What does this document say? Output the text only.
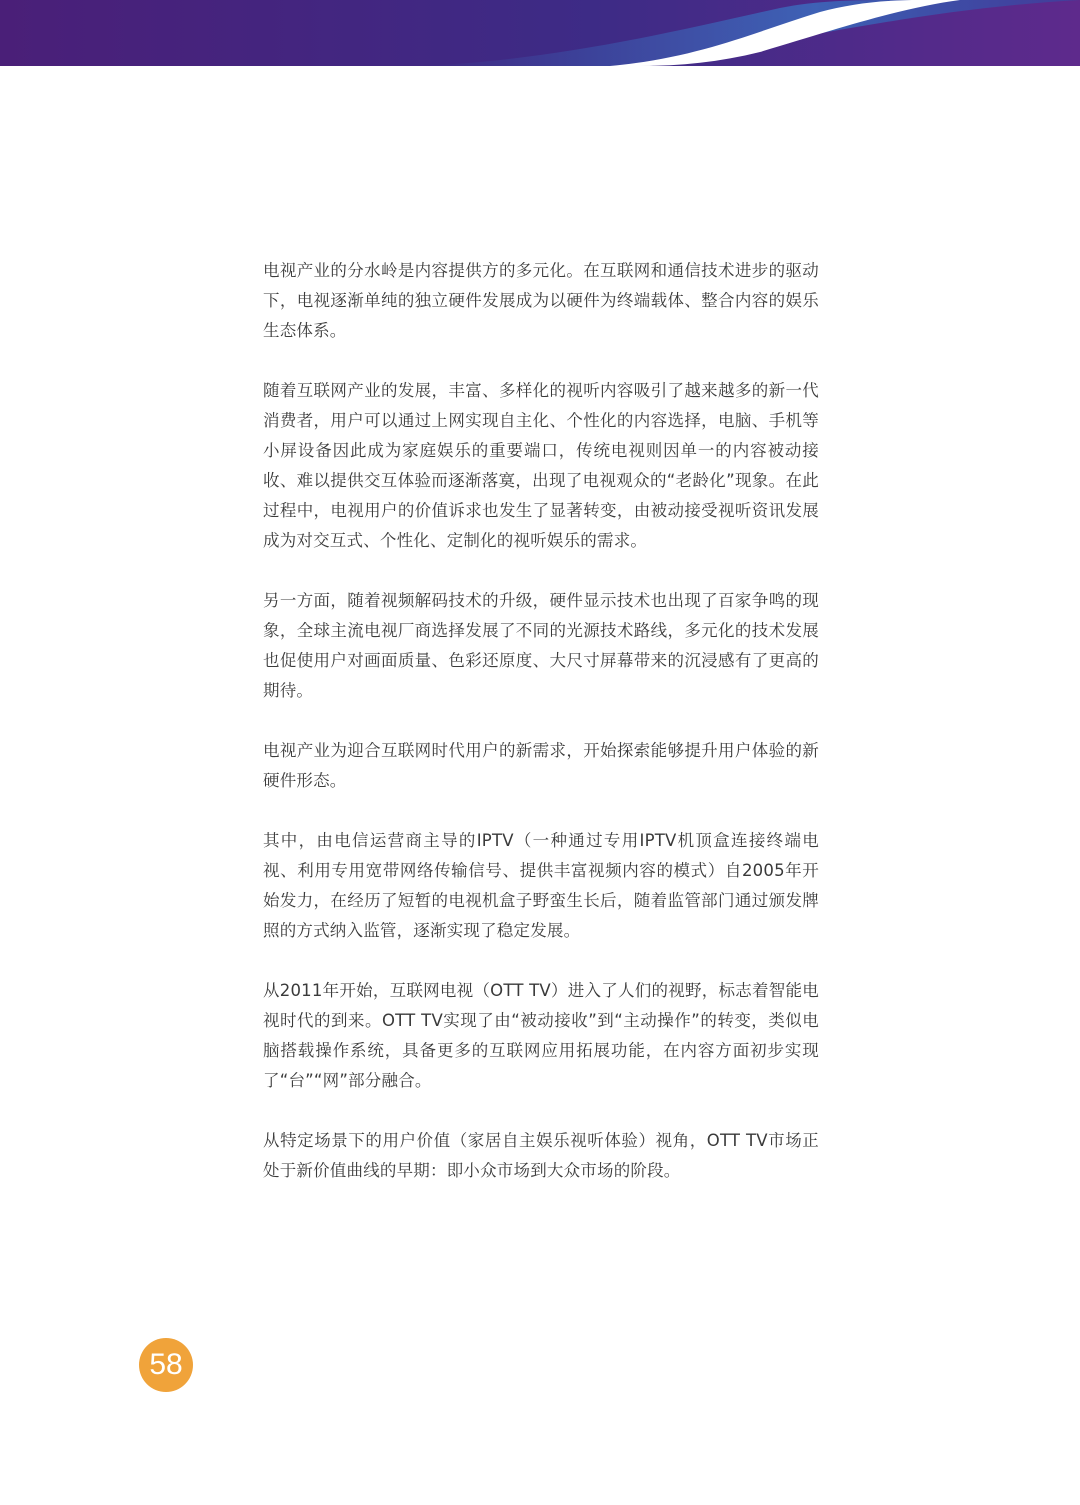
电视产业的分水岭是内容提供方的多元化。在互联网和通信技术进步的驱动下，电视逐渐单纯的独立硬件发展成为以硬件为终端载体、整合内容的娱乐生态体系。

随着互联网产业的发展，丰富、多样化的视听内容吸引了越来越多的新一代消费者，用户可以通过上网实现自主化、个性化的内容选择，电脑、手机等小屏设备因此成为家庭娱乐的重要端口，传统电视则因单一的内容被动接收、难以提供交互体验而逐渐落寞，出现了电视观众的“老龄化”现象。在此过程中，电视用户的价值诉求也发生了显著转变，由被动接受视听资讯发展成为对交互式、个性化、定制化的视听娱乐的需求。

另一方面，随着视频解码技术的升级，硬件显示技术也出现了百家争鸣的现象，全球主流电视厂商选择发展了不同的光源技术路线，多元化的技术发展也促使用户对画面质量、色彩还原度、大尺寸屏幕带来的沉浸感有了更高的期待。

电视产业为迎合互联网时代用户的新需求，开始探索能够提升用户体验的新硬件形态。

其中，由电信运营商主导的IPTV（一种通过专用IPTV机顶盒连接终端电视、利用专用宽带网络传输信号、提供丰富视频内容的模式）自2005年开始发力，在经历了短暂的电视机盒子野蛮生长后，随着监管部门通过颁发牌照的方式纳入监管，逐渐实现了稳定发展。

从2011年开始，互联网电视（OTT TV）进入了人们的视野，标志着智能电视时代的到来。OTT TV实现了由“被动接收”到“主动操作”的转变，类似电脑搭载操作系统，具备更多的互联网应用拓展功能，在内容方面初步实现了“台”“网”部分融合。

从特定场景下的用户价值（家居自主娱乐视听体验）视角，OTT TV市场正处于新价值曲线的早期：即小众市场到大众市场的阶段。

58
